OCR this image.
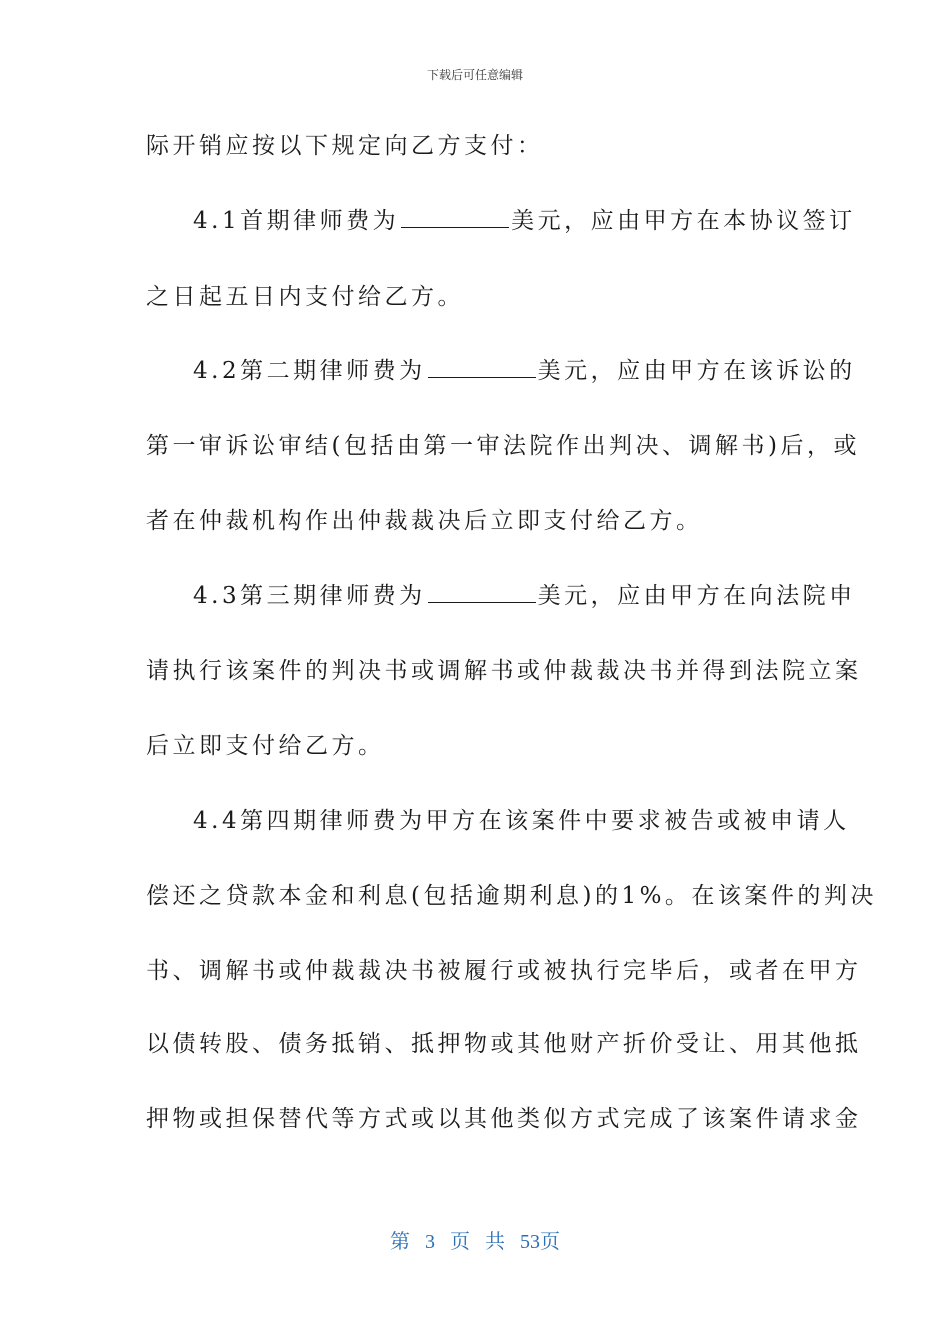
下载后可任意编辑
际开销应按以下规定向乙方支付：
4.1首期律师费为	美元，应由甲方在本协议签订
之日起五日内支付给乙方。
4.2第二期律师费为	美元，应由甲方在该诉讼的
第一审诉讼审结(包括由第一审法院作出判决、调解书)后，或
者在仲裁机构作出仲裁裁决后立即支付给乙方。
4.3第三期律师费为	美元，应由甲方在向法院申
请执行该案件的判决书或调解书或仲裁裁决书并得到法院立案
后立即支付给乙方。
4.4第四期律师费为甲方在该案件中要求被告或被申请人
偿还之贷款本金和利息(包括逾期利息)的1%。在该案件的判决
书、调解书或仲裁裁决书被履行或被执行完毕后，或者在甲方
以债转股、债务抵销、抵押物或其他财产折价受让、用其他抵
押物或担保替代等方式或以其他类似方式完成了该案件请求金
第 3 页 共 53页
